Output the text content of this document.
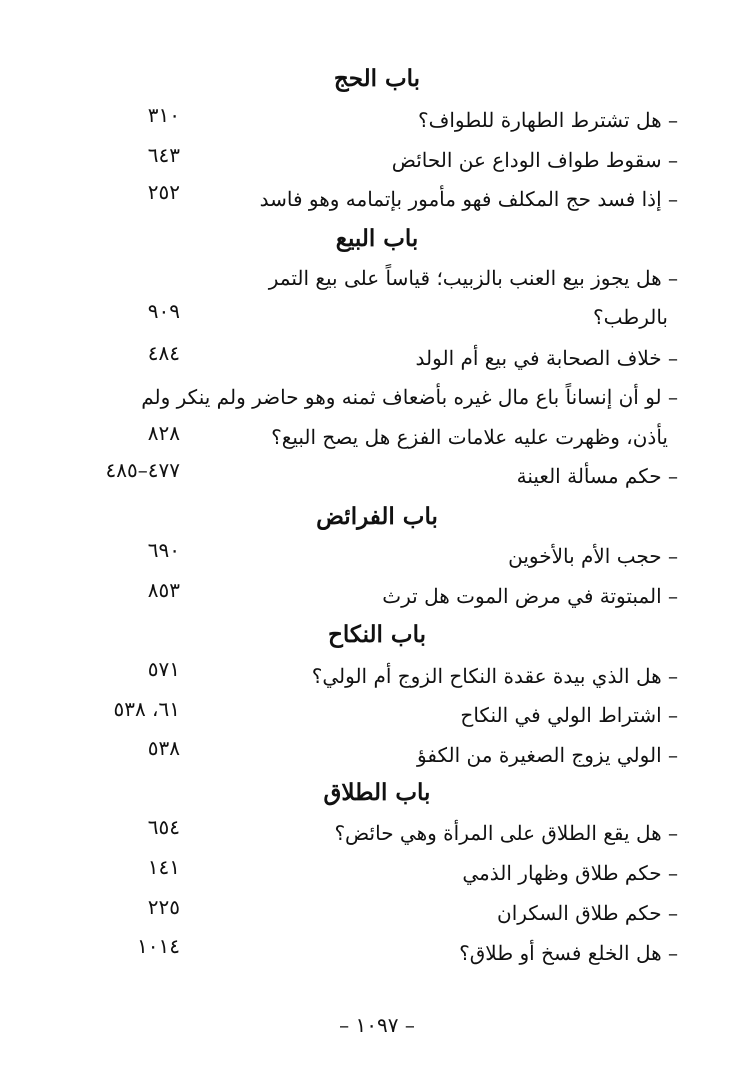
باب الحج
– هل تشترط الطهارة للطواف؟
٣١٠
– سقوط طواف الوداع عن الحائض
٦٤٣
– إذا فسد حج المكلف فهو مأمور بإتمامه وهو فاسد
٢٥٢
باب البيع
– هل يجوز بيع العنب بالزبيب؛ قياساً على بيع التمر
بالرطب؟
٩٠٩
– خلاف الصحابة في بيع أم الولد
٤٨٤
– لو أن إنساناً باع مال غيره بأضعاف ثمنه وهو حاضر ولم ينكر ولم
يأذن، وظهرت عليه علامات الفزع هل يصح البيع؟
٨٢٨
– حكم مسألة العينة
٤٧٧–٤٨٥
باب الفرائض
– حجب الأم بالأخوين
٦٩٠
– المبتوتة في مرض الموت هل ترث
٨٥٣
باب النكاح
– هل الذي بيدة عقدة النكاح الزوج أم الولي؟
٥٧١
– اشتراط الولي في النكاح
٦١، ٥٣٨
– الولي يزوج الصغيرة من الكفؤ
٥٣٨
باب الطلاق
– هل يقع الطلاق على المرأة وهي حائض؟
٦٥٤
– حكم طلاق وظهار الذمي
١٤١
– حكم طلاق السكران
٢٢٥
– هل الخلع فسخ أو طلاق؟
١٠١٤
– ١٠٩٧ –
